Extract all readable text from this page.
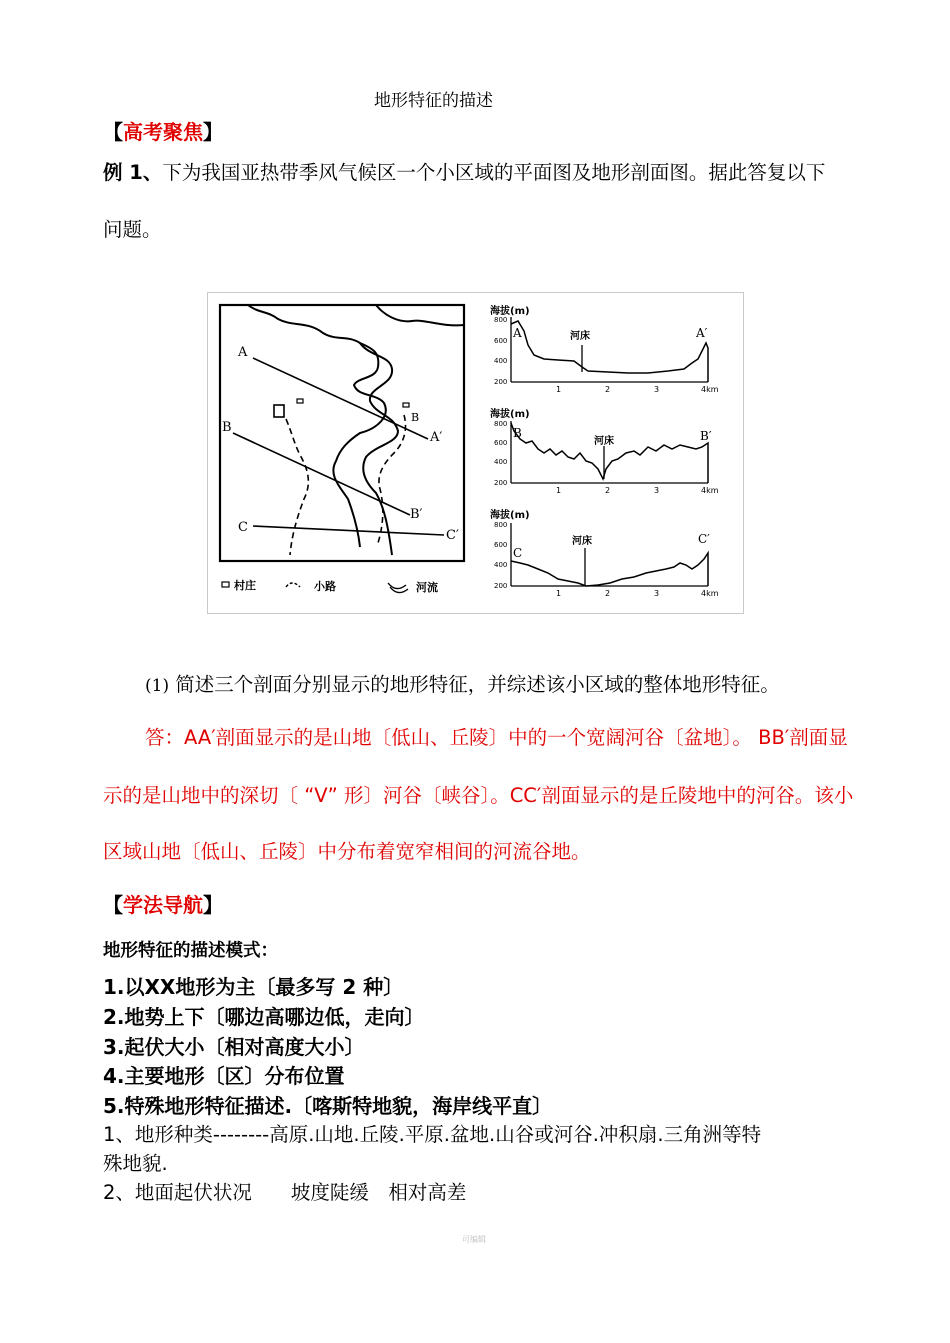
地形特征的描述
【高考聚焦】
例 1、下为我国亚热带季风气候区一个小区域的平面图及地形剖面图。据此答复以下
问题。
A
A′
B
B′
B
C
C′
村庄	小路	河流
海拔(m)
800
600
400
200
1	2	3	4km
A	A′
河床
海拔(m)
800
600
400
200
1	2	3	4km
B	B′
河床
海拔(m)
800
600
400
200
1	2	3	4km
C
C′
河床
(1) 简述三个剖面分别显示的地形特征，并综述该小区域的整体地形特征。
答：AA′剖面显示的是山地〔低山、丘陵〕中的一个宽阔河谷〔盆地〕。 BB′剖面显
示的是山地中的深切〔 “V” 形〕河谷〔峡谷〕。CC′剖面显示的是丘陵地中的河谷。该小
区域山地〔低山、丘陵〕中分布着宽窄相间的河流谷地。
【学法导航】
地形特征的描述模式：
1.以XX地形为主〔最多写 2 种〕
2.地势上下〔哪边高哪边低，走向〕
3.起伏大小〔相对高度大小〕
4.主要地形〔区〕分布位置
5.特殊地形特征描述.〔喀斯特地貌，海岸线平直〕
1、地形种类--------高原.山地.丘陵.平原.盆地.山谷或河谷.冲积扇.三角洲等特
殊地貌.
2、地面起伏状况　　坡度陡缓　相对高差
可编辑
